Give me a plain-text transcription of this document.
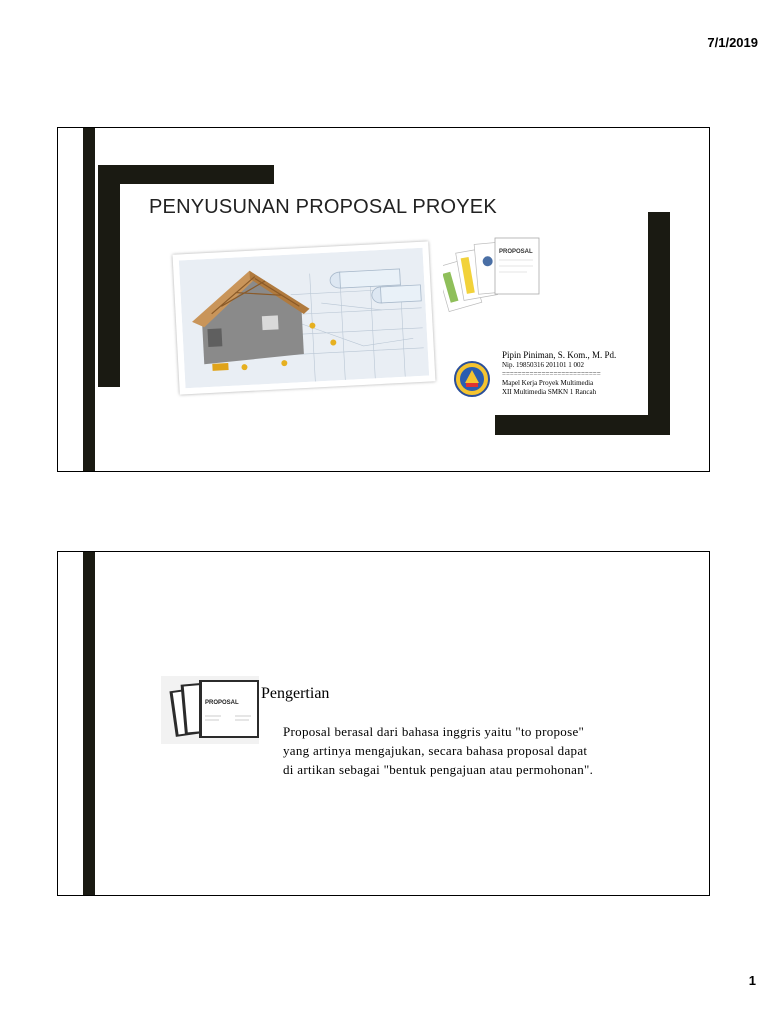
7/1/2019
PENYUSUNAN PROPOSAL PROYEK
PROPOSAL
Pipin Piniman, S. Kom., M. Pd.
Nip. 19850316 201101 1 002
=========================
Mapel Kerja Proyek Multimedia
XII Multimedia SMKN 1 Rancah
PROPOSAL
Pengertian
Proposal berasal dari bahasa inggris yaitu "to propose"
yang artinya mengajukan, secara bahasa proposal dapat
di artikan sebagai "bentuk pengajuan atau permohonan".
1
